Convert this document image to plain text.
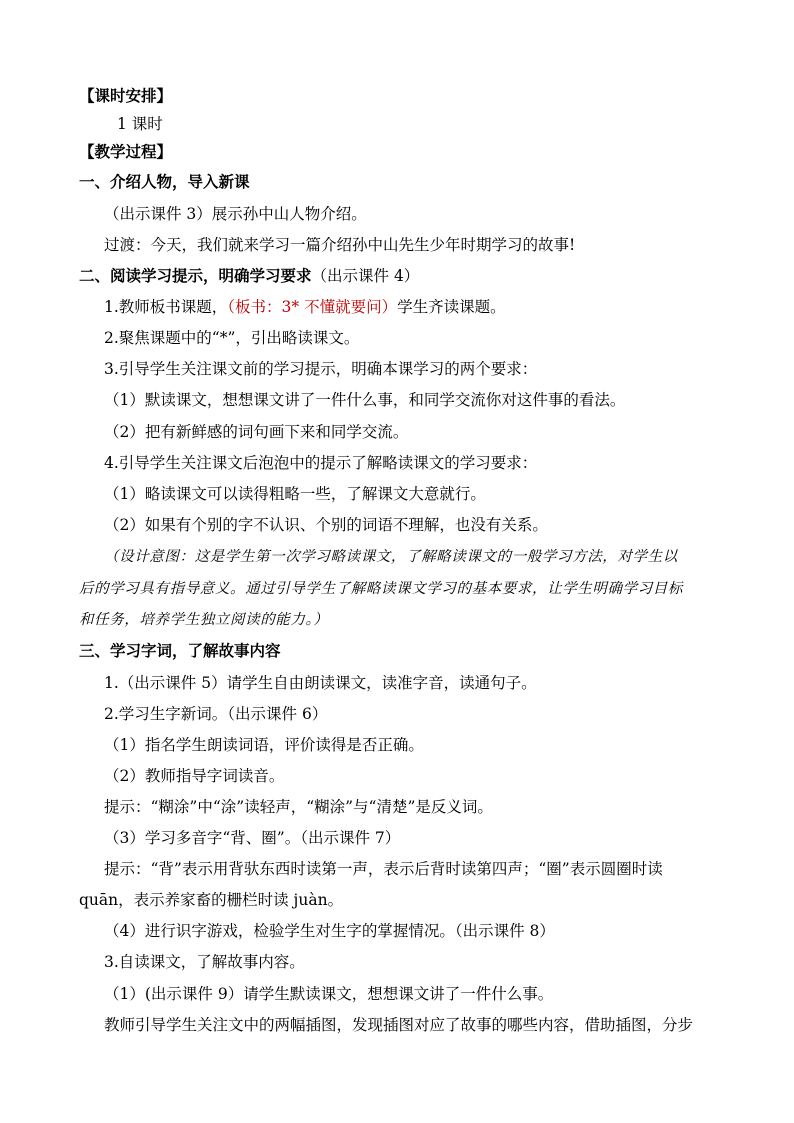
【课时安排】
1 课时
【教学过程】
一、介绍人物，导入新课
（出示课件 3）展示孙中山人物介绍。
过渡：今天，我们就来学习一篇介绍孙中山先生少年时期学习的故事!
二、阅读学习提示，明确学习要求（出示课件 4）
1.教师板书课题，（板书：3* 不懂就要问）学生齐读课题。
2.聚焦课题中的“*”，引出略读课文。
3.引导学生关注课文前的学习提示，明确本课学习的两个要求：
（1）默读课文，想想课文讲了一件什么事，和同学交流你对这件事的看法。
（2）把有新鲜感的词句画下来和同学交流。
4.引导学生关注课文后泡泡中的提示了解略读课文的学习要求：
（1）略读课文可以读得粗略一些，了解课文大意就行。
（2）如果有个别的字不认识、个别的词语不理解，也没有关系。
（设计意图：这是学生第一次学习略读课文，了解略读课文的一般学习方法，对学生以
后的学习具有指导意义。通过引导学生了解略读课文学习的基本要求，让学生明确学习目标
和任务，培养学生独立阅读的能力。）
三、学习字词，了解故事内容
1.（出示课件 5）请学生自由朗读课文，读准字音，读通句子。
2.学习生字新词。（出示课件 6）
（1）指名学生朗读词语，评价读得是否正确。
（2）教师指导字词读音。
提示：“糊涂”中“涂”读轻声，“糊涂”与“清楚”是反义词。
（3）学习多音字“背、圈”。（出示课件 7）
提示：“背”表示用背驮东西时读第一声，表示后背时读第四声；“圈”表示圆圈时读
quān，表示养家畜的栅栏时读 juàn。
（4）进行识字游戏，检验学生对生字的掌握情况。（出示课件 8）
3.自读课文，了解故事内容。
（1）(出示课件 9）请学生默读课文，想想课文讲了一件什么事。
教师引导学生关注文中的两幅插图，发现插图对应了故事的哪些内容，借助插图，分步
